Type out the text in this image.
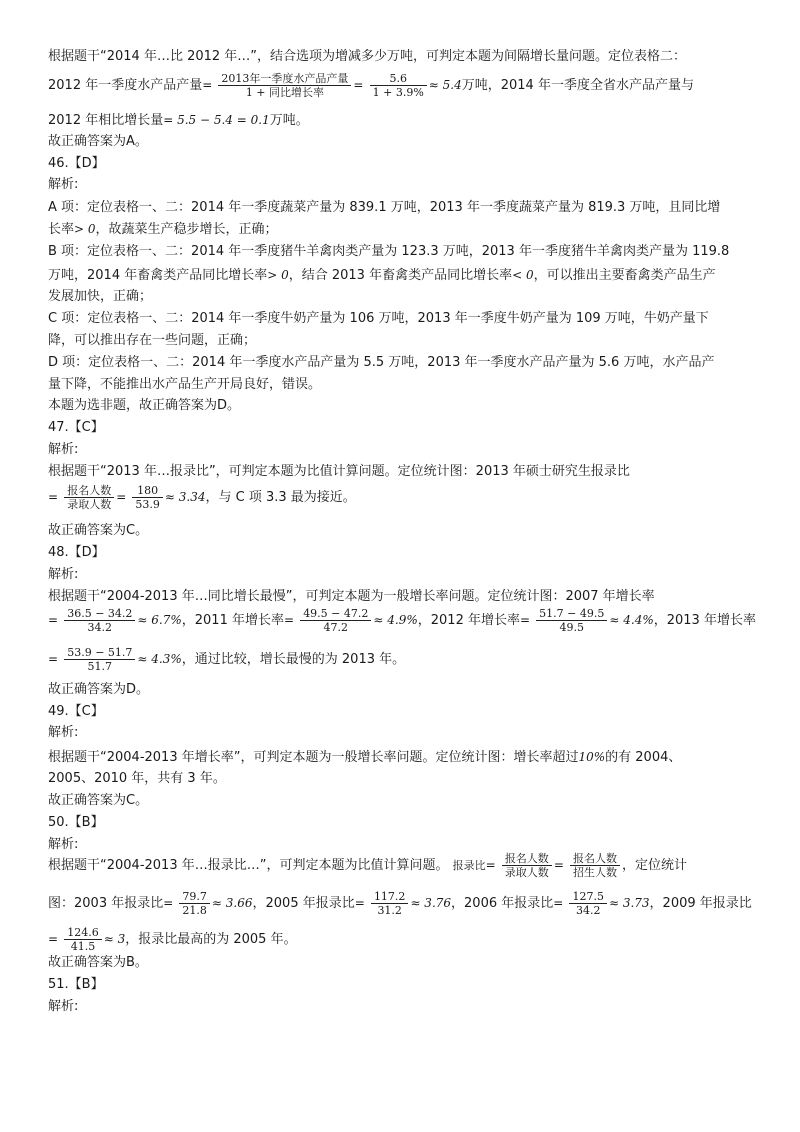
根据题干“2014 年…比 2012 年…”，结合选项为增减多少万吨，可判定本题为间隔增长量问题。定位表格二：
2012 年一季度水产品产量= $\frac{\text{2013年一季度水产品产量}}{\text{1 + 同比增长率}} = \frac{5.6}{1 + 3.9\%} \approx 5.4$万吨，2014 年一季度全省水产品产量与
2012 年相比增长量= 5.5 − 5.4 = 0.1万吨。
故正确答案为A。
46.【D】
解析:
A 项：定位表格一、二：2014 年一季度蔬菜产量为 839.1 万吨，2013 年一季度蔬菜产量为 819.3 万吨，且同比增
长率> 0，故蔬菜生产稳步增长，正确；
B 项：定位表格一、二：2014 年一季度猪牛羊禽肉类产量为 123.3 万吨，2013 年一季度猪牛羊禽肉类产量为 119.8
万吨，2014 年畜禽类产品同比增长率> 0，结合 2013 年畜禽类产品同比增长率< 0，可以推出主要畜禽类产品生产
发展加快，正确；
C 项：定位表格一、二：2014 年一季度牛奶产量为 106 万吨，2013 年一季度牛奶产量为 109 万吨，牛奶产量下
降，可以推出存在一些问题，正确；
D 项：定位表格一、二：2014 年一季度水产品产量为 5.5 万吨，2013 年一季度水产品产量为 5.6 万吨，水产品产
量下降，不能推出水产品生产开局良好，错误。
本题为选非题，故正确答案为D。
47.【C】
解析:
根据题干“2013 年…报录比”，可判定本题为比值计算问题。定位统计图：2013 年硕士研究生报录比
= $\frac{\text{报名人数}}{\text{录取人数}} = \frac{180}{53.9} \approx 3.34$，与 C 项 3.3 最为接近。
故正确答案为C。
48.【D】
解析:
根据题干“2004-2013 年…同比增长最慢”，可判定本题为一般增长率问题。定位统计图：2007 年增长率
= $\frac{36.5 - 34.2}{34.2} \approx 6.7\%$，2011 年增长率= $\frac{49.5 - 47.2}{47.2} \approx 4.9\%$，2012 年增长率= $\frac{51.7 - 49.5}{49.5} \approx 4.4\%$，2013 年增长率
= $\frac{53.9 - 51.7}{51.7} \approx 4.3\%$，通过比较，增长最慢的为 2013 年。
故正确答案为D。
49.【C】
解析:
根据题干“2004-2013 年增长率”，可判定本题为一般增长率问题。定位统计图：增长率超过10%的有 2004、
2005、2010 年，共有 3 年。
故正确答案为C。
50.【B】
解析:
根据题干“2004-2013 年…报录比…”，可判定本题为比值计算问题。 报录比= $\frac{\text{报名人数}}{\text{录取人数}} = \frac{\text{报名人数}}{\text{招生人数}}$ ，定位统计
图：2003 年报录比= $\frac{79.7}{21.8} \approx 3.66$，2005 年报录比= $\frac{117.2}{31.2} \approx 3.76$，2006 年报录比= $\frac{127.5}{34.2} \approx 3.73$，2009 年报录比
= $\frac{124.6}{41.5} \approx 3$，报录比最高的为 2005 年。
故正确答案为B。
51.【B】
解析:
